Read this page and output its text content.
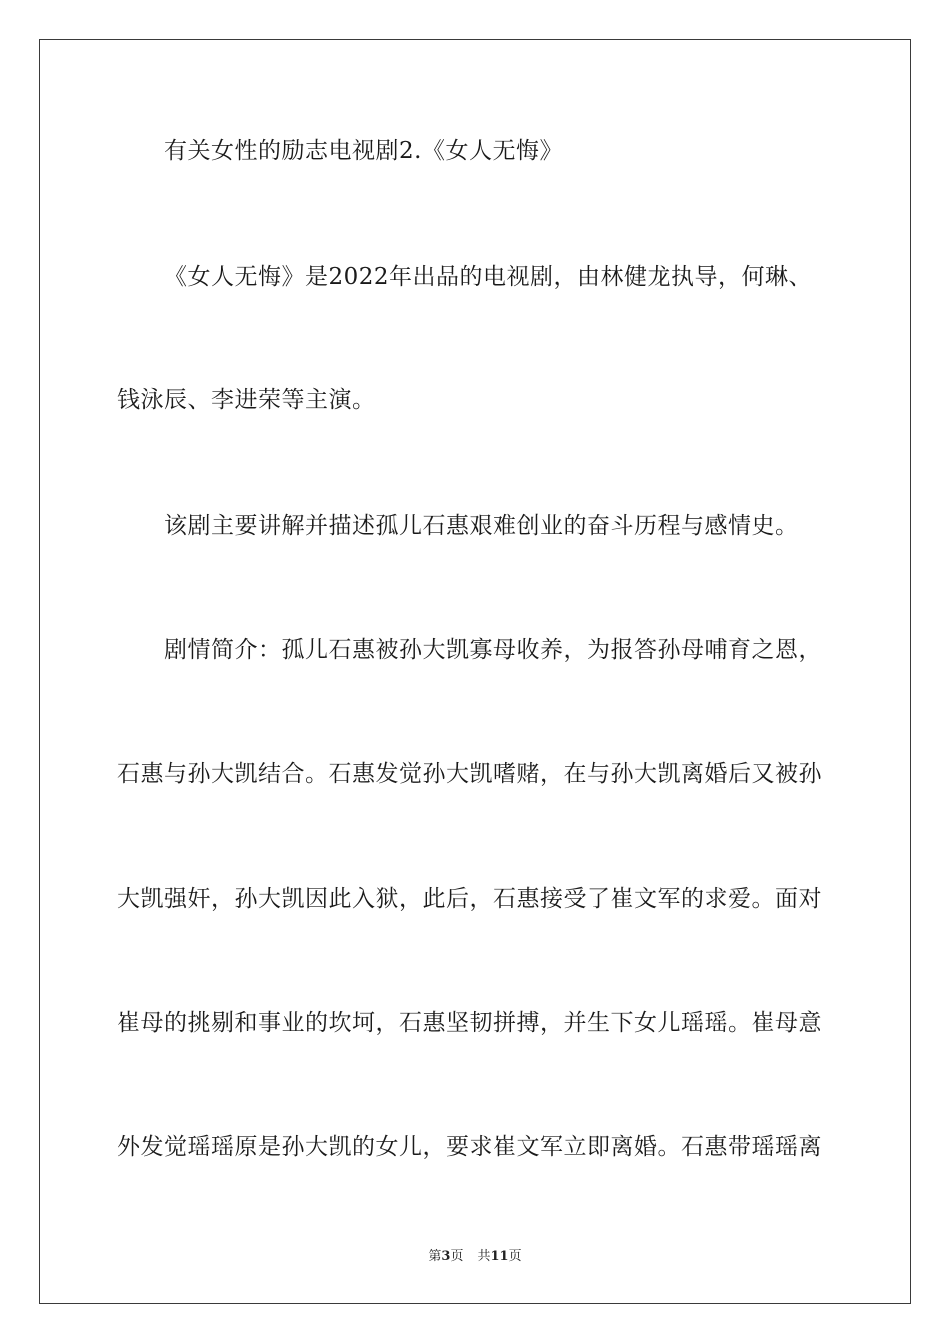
有关女性的励志电视剧2.《女人无悔》
《女人无悔》是2022年出品的电视剧，由林健龙执导，何琳、
钱泳辰、李进荣等主演。
该剧主要讲解并描述孤儿石惠艰难创业的奋斗历程与感情史。
剧情简介：孤儿石惠被孙大凯寡母收养，为报答孙母哺育之恩，
石惠与孙大凯结合。石惠发觉孙大凯嗜赌，在与孙大凯离婚后又被孙
大凯强奸，孙大凯因此入狱，此后，石惠接受了崔文军的求爱。面对
崔母的挑剔和事业的坎坷，石惠坚韧拼搏，并生下女儿瑶瑶。崔母意
外发觉瑶瑶原是孙大凯的女儿，要求崔文军立即离婚。石惠带瑶瑶离
第3页 共11页
